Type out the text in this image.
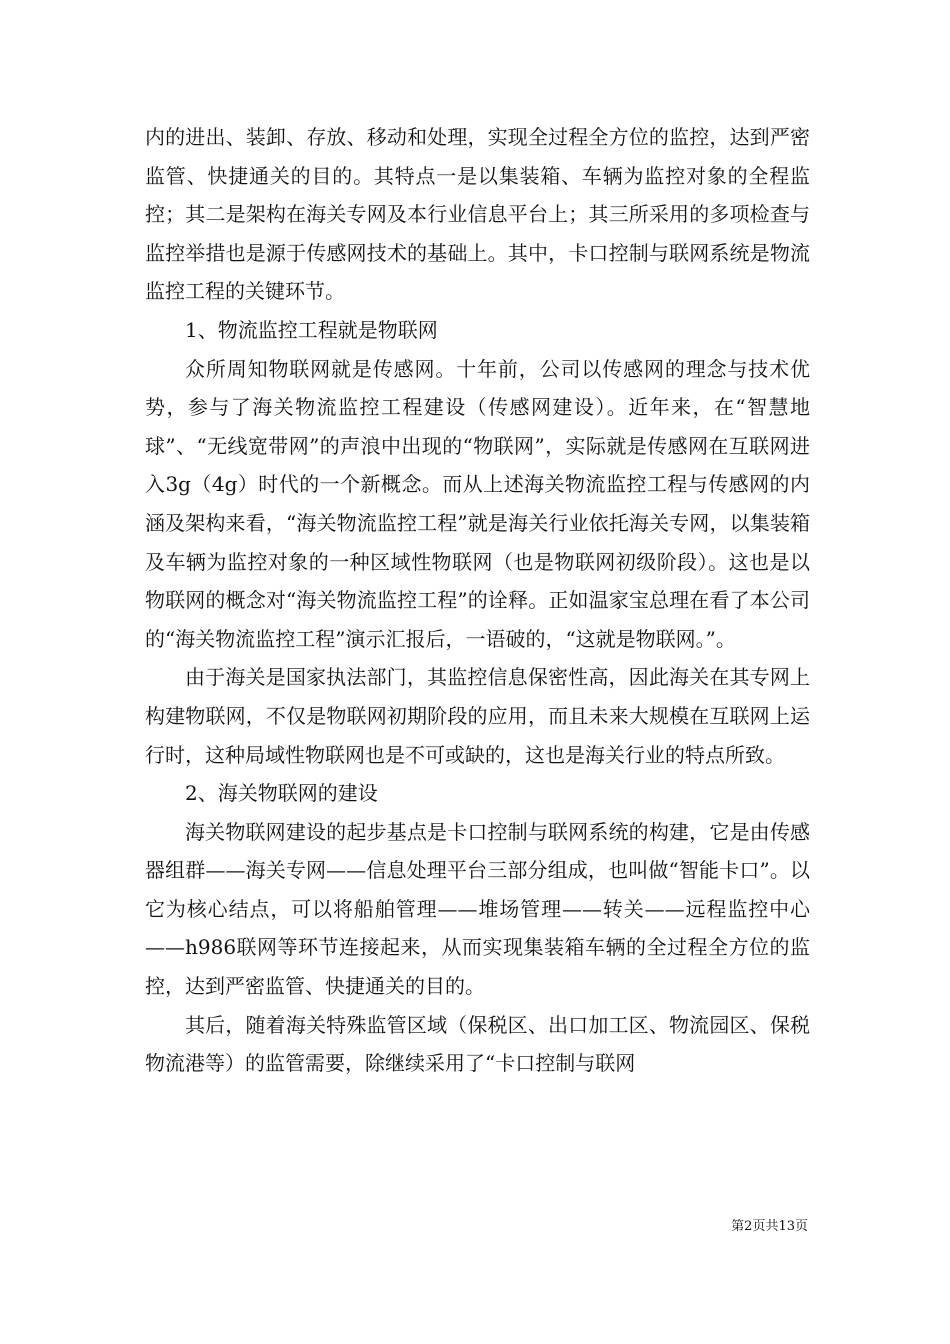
内的进出、装卸、存放、移动和处理，实现全过程全方位的监控，达到严密监管、快捷通关的目的。其特点一是以集装箱、车辆为监控对象的全程监控；其二是架构在海关专网及本行业信息平台上；其三所采用的多项检查与监控举措也是源于传感网技术的基础上。其中，卡口控制与联网系统是物流监控工程的关键环节。

1、物流监控工程就是物联网

众所周知物联网就是传感网。十年前，公司以传感网的理念与技术优势，参与了海关物流监控工程建设（传感网建设）。近年来，在“智慧地球”、“无线宽带网”的声浪中出现的“物联网”，实际就是传感网在互联网进入3g（4g）时代的一个新概念。而从上述海关物流监控工程与传感网的内涵及架构来看，“海关物流监控工程”就是海关行业依托海关专网，以集装箱及车辆为监控对象的一种区域性物联网（也是物联网初级阶段）。这也是以物联网的概念对“海关物流监控工程”的诠释。正如温家宝总理在看了本公司的“海关物流监控工程”演示汇报后，一语破的，“这就是物联网。”。

由于海关是国家执法部门，其监控信息保密性高，因此海关在其专网上构建物联网，不仅是物联网初期阶段的应用，而且未来大规模在互联网上运行时，这种局域性物联网也是不可或缺的，这也是海关行业的特点所致。

2、海关物联网的建设

海关物联网建设的起步基点是卡口控制与联网系统的构建，它是由传感器组群——海关专网——信息处理平台三部分组成，也叫做“智能卡口”。以它为核心结点，可以将船舶管理——堆场管理——转关——远程监控中心——h986联网等环节连接起来，从而实现集装箱车辆的全过程全方位的监控，达到严密监管、快捷通关的目的。

其后，随着海关特殊监管区域（保税区、出口加工区、物流园区、保税物流港等）的监管需要，除继续采用了“卡口控制与联网

第2页共13页
